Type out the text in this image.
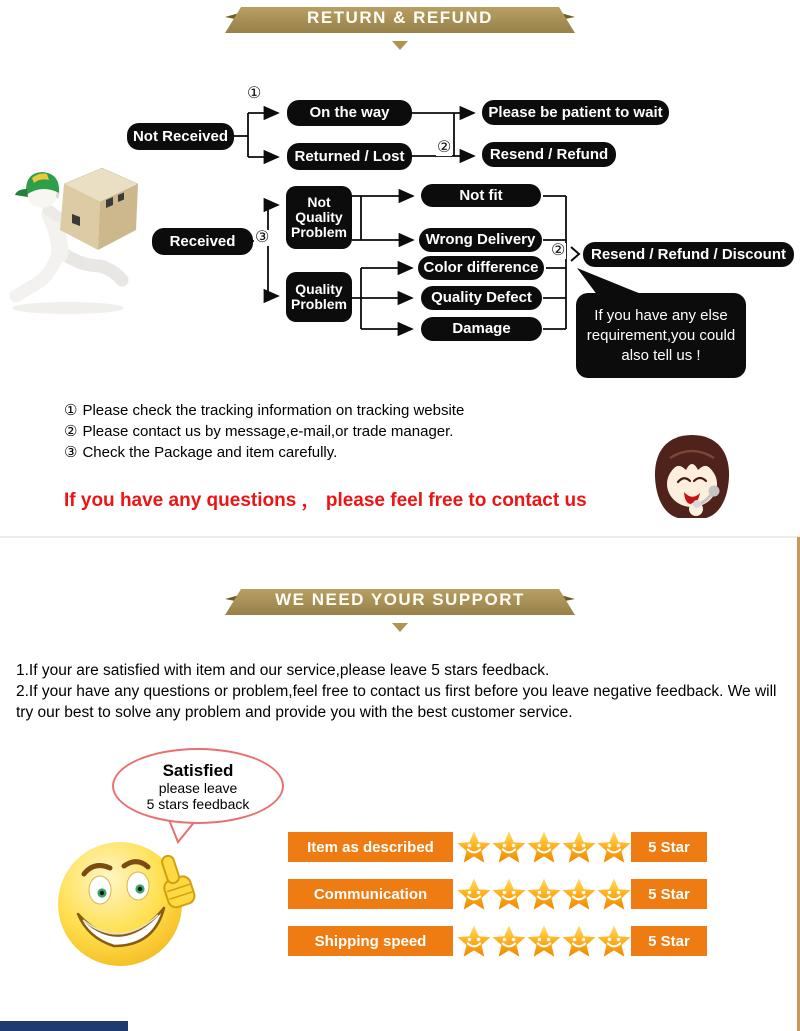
RETURN & REFUND
Not Received
On the way
Returned / Lost
Please be patient to wait
Resend / Refund
Received
Not
Quality
Problem
Quality
Problem
Not fit
Wrong Delivery
Color difference
Quality Defect
Damage
Resend / Refund / Discount
①
②
③
②
If you have any else
requirement,you could
also tell us !
① Please check the tracking information on tracking website
② Please contact us by message,e-mail,or trade manager.
③ Check the Package and item carefully.
If you have any questions ， please feel free to contact us
WE NEED YOUR SUPPORT

1.If your are satisfied with item and our service,please leave 5 stars feedback.

2.If your have any questions or problem,feel free to contact us first before you leave negative feedback. We will try our best to solve any problem and provide you with the best customer service.

Satisfied
please leave
5 stars feedback
Item as described	5 Star
Communication	5 Star
Shipping speed	5 Star
